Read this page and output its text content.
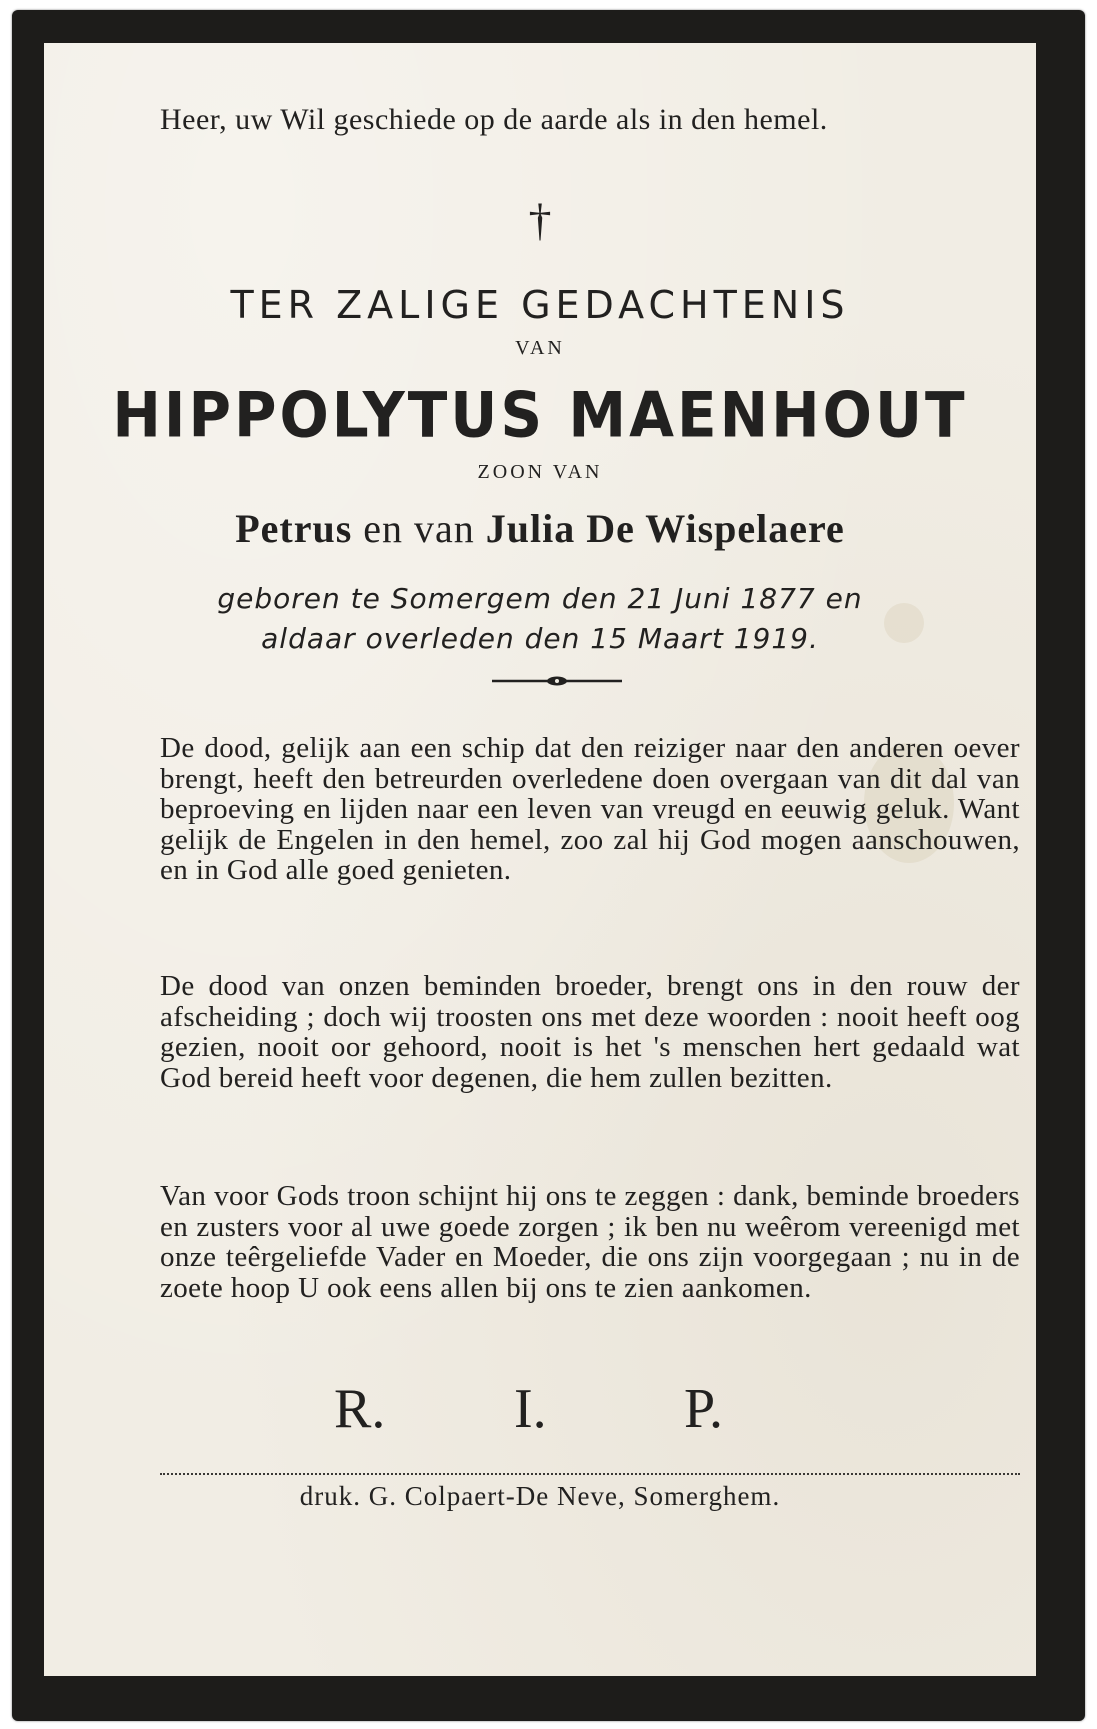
Heer, uw Wil geschiede op de aarde als in den hemel.
†
TER ZALIGE GEDACHTENIS
VAN
HIPPOLYTUS MAENHOUT
ZOON VAN
Petrus en van Julia De Wispelaere
geboren te Somergem den 21 Juni 1877 en
aldaar overleden den 15 Maart 1919.
De dood, gelijk aan een schip dat den reiziger naar den anderen oever brengt, heeft den betreurden overledene doen overgaan van dit dal van beproeving en lijden naar een leven van vreugd en eeuwig geluk. Want gelijk de Engelen in den hemel, zoo zal hij God mogen aanschouwen, en in God alle goed genieten.
De dood van onzen beminden broeder, brengt ons in den rouw der afscheiding ; doch wij troosten ons met deze woorden : nooit heeft oog gezien, nooit oor gehoord, nooit is het 's menschen hert gedaald wat God bereid heeft voor degenen, die hem zullen bezitten.
Van voor Gods troon schijnt hij ons te zeggen : dank, beminde broeders en zusters voor al uwe goede zorgen ; ik ben nu weêrom vereenigd met onze teêrgeliefde Vader en Moeder, die ons zijn voorgegaan ; nu in de zoete hoop U ook eens allen bij ons te zien aankomen.
R. I. P.
druk. G. Colpaert-De Neve, Somerghem.
